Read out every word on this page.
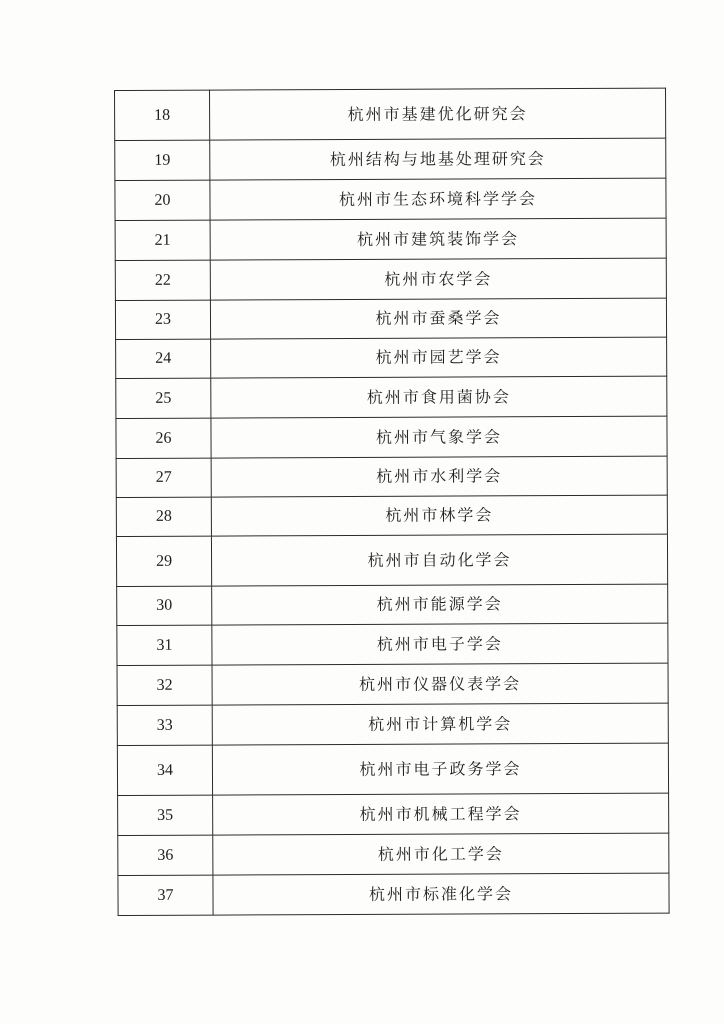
18	杭州市基建优化研究会
19	杭州结构与地基处理研究会
20	杭州市生态环境科学学会
21	杭州市建筑装饰学会
22	杭州市农学会
23	杭州市蚕桑学会
24	杭州市园艺学会
25	杭州市食用菌协会
26	杭州市气象学会
27	杭州市水利学会
28	杭州市林学会
29	杭州市自动化学会
30	杭州市能源学会
31	杭州市电子学会
32	杭州市仪器仪表学会
33	杭州市计算机学会
34	杭州市电子政务学会
35	杭州市机械工程学会
36	杭州市化工学会
37	杭州市标准化学会
